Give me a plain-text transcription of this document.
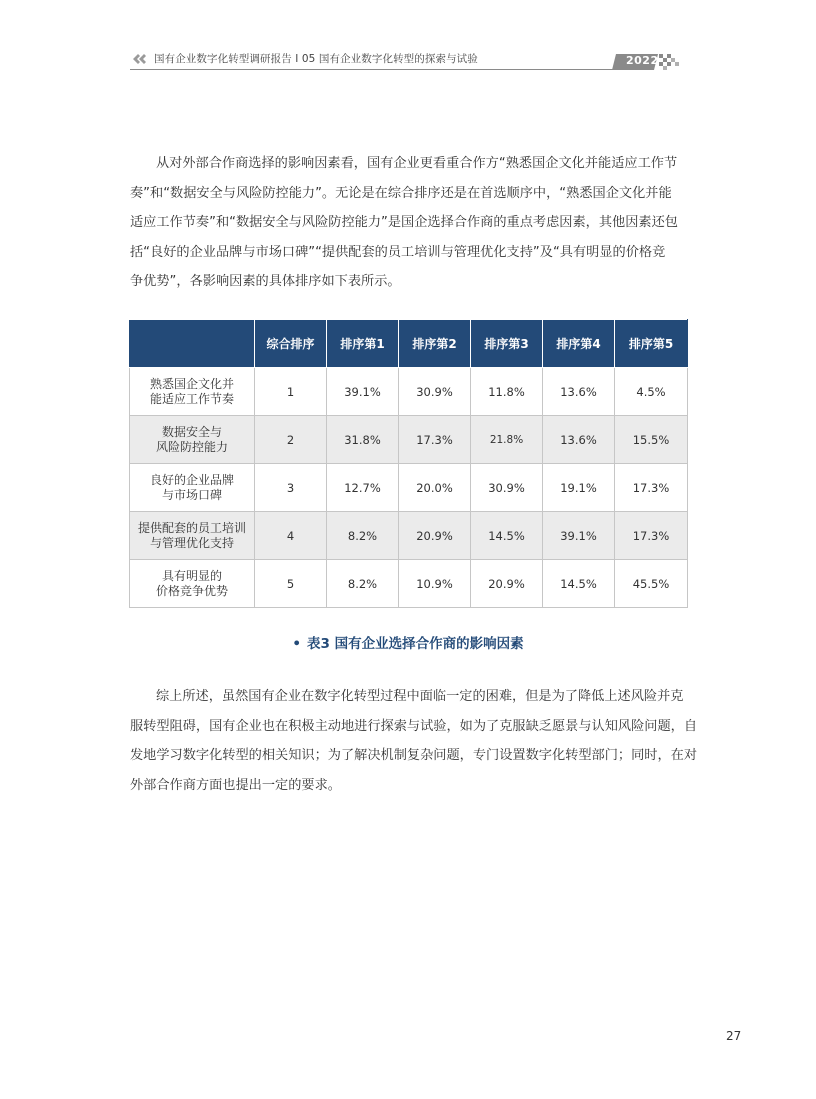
国有企业数字化转型调研报告 I 05 国有企业数字化转型的探索与试验	2022
从对外部合作商选择的影响因素看，国有企业更看重合作方“熟悉国企文化并能适应工作节
奏”和“数据安全与风险防控能力”。无论是在综合排序还是在首选顺序中，“熟悉国企文化并能
适应工作节奏”和“数据安全与风险防控能力”是国企选择合作商的重点考虑因素，其他因素还包
括“良好的企业品牌与市场口碑”“提供配套的员工培训与管理优化支持”及“具有明显的价格竞
争优势”，各影响因素的具体排序如下表所示。
	综合排序	排序第1	排序第2	排序第3	排序第4	排序第5
熟悉国企文化并
能适应工作节奏	1	39.1%	30.9%	11.8%	13.6%	4.5%
数据安全与
风险防控能力	2	31.8%	17.3%	21.8%	13.6%	15.5%
良好的企业品牌
与市场口碑	3	12.7%	20.0%	30.9%	19.1%	17.3%
提供配套的员工培训
与管理优化支持	4	8.2%	20.9%	14.5%	39.1%	17.3%
具有明显的
价格竞争优势	5	8.2%	10.9%	20.9%	14.5%	45.5%
• 表3 国有企业选择合作商的影响因素
综上所述，虽然国有企业在数字化转型过程中面临一定的困难，但是为了降低上述风险并克
服转型阻碍，国有企业也在积极主动地进行探索与试验，如为了克服缺乏愿景与认知风险问题，自
发地学习数字化转型的相关知识；为了解决机制复杂问题，专门设置数字化转型部门；同时，在对
外部合作商方面也提出一定的要求。
27
